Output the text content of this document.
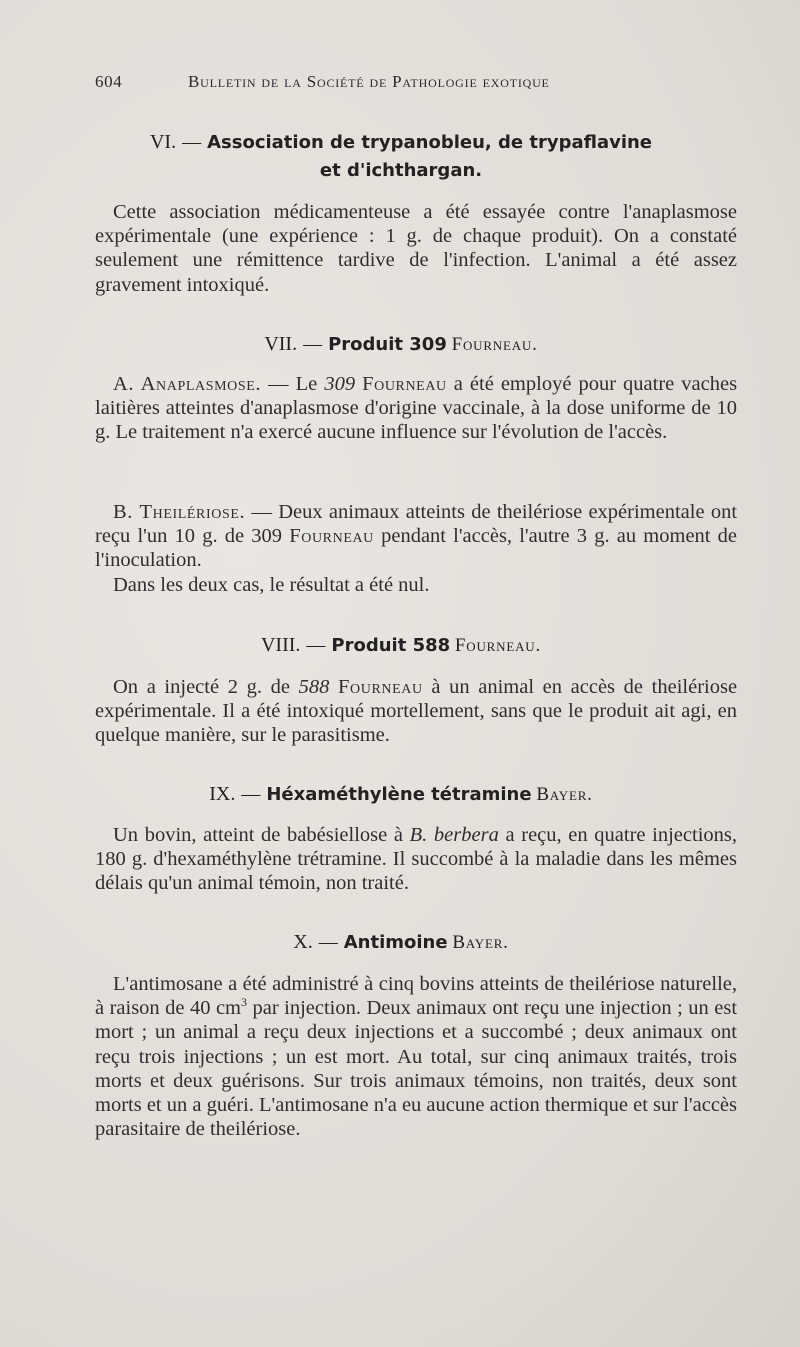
604	Bulletin de la Société de Pathologie exotique
VI. — Association de trypanobleu, de trypaflavine
et d'ichthargan.

Cette association médicamenteuse a été essayée contre l'anaplasmose expérimentale (une expérience : 1 g. de chaque produit). On a constaté seulement une rémittence tardive de l'infection. L'animal a été assez gravement intoxiqué.

VII. — Produit 309 Fourneau.

A. Anaplasmose. — Le 309 Fourneau a été employé pour quatre vaches laitières atteintes d'anaplasmose d'origine vaccinale, à la dose uniforme de 10 g. Le traitement n'a exercé aucune influence sur l'évolution de l'accès.

B. Theilériose. — Deux animaux atteints de theilériose expérimentale ont reçu l'un 10 g. de 309 Fourneau pendant l'accès, l'autre 3 g. au moment de l'inoculation.

Dans les deux cas, le résultat a été nul.

VIII. — Produit 588 Fourneau.

On a injecté 2 g. de 588 Fourneau à un animal en accès de theilériose expérimentale. Il a été intoxiqué mortellement, sans que le produit ait agi, en quelque manière, sur le parasitisme.

IX. — Héxaméthylène tétramine Bayer.

Un bovin, atteint de babésiellose à B. berbera a reçu, en quatre injections, 180 g. d'hexaméthylène trétramine. Il succombé à la maladie dans les mêmes délais qu'un animal témoin, non traité.

X. — Antimoine Bayer.

L'antimosane a été administré à cinq bovins atteints de theilériose naturelle, à raison de 40 $cm^3$ par injection. Deux animaux ont reçu une injection ; un est mort ; un animal a reçu deux injections et a succombé ; deux animaux ont reçu trois injections ; un est mort. Au total, sur cinq animaux traités, trois morts et deux guérisons. Sur trois animaux témoins, non traités, deux sont morts et un a guéri. L'antimosane n'a eu aucune action thermique et sur l'accès parasitaire de theilériose.
